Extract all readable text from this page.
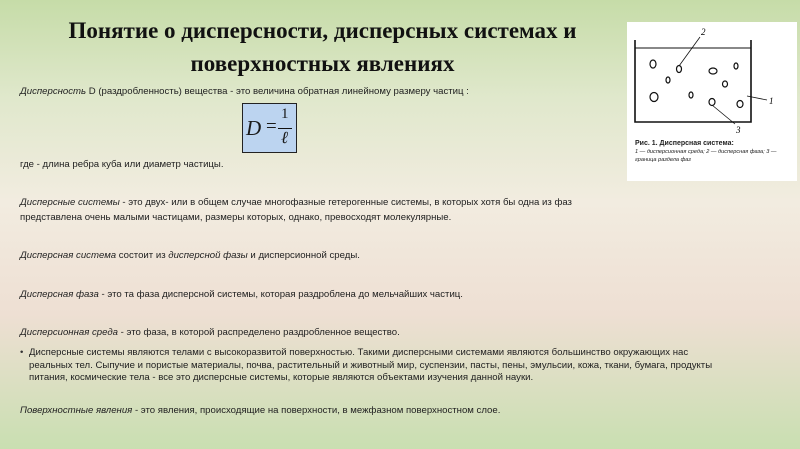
Понятие о дисперсности, дисперсных системах и поверхностных явлениях
2
3
1
Рис. 1. Дисперсная система:
1 — дисперсионная среда; 2 — дисперсная фаза; 3 — граница раздела фаз
Дисперсность D (раздробленность) вещества - это величина обратная линейному размеру частиц :
D =
1
ℓ
где - длина ребра куба или диаметр частицы.
Дисперсные системы - это двух- или в общем случае многофазные гетерогенные системы, в которых хотя бы одна из фаз
представлена очень малыми частицами, размеры которых, однако, превосходят молекулярные.
Дисперсная система состоит из дисперсной фазы и дисперсионной среды.
Дисперсная фаза - это та фаза дисперсной системы, которая раздроблена до мельчайших частиц.
Дисперсионная среда - это фаза, в которой распределено раздробленное вещество.
• Дисперсные системы являются телами с высокоразвитой поверхностью. Такими дисперсными системами являются большинство окружающих нас реальных тел. Сыпучие и пористые материалы, почва, растительный и животный мир, суспензии, пасты, пены, эмульсии, кожа, ткани, бумага, продукты питания, космические тела - все это дисперсные системы, которые являются объектами изучения данной науки.
Поверхностные явления - это явления, происходящие на поверхности, в межфазном поверхностном слое.
